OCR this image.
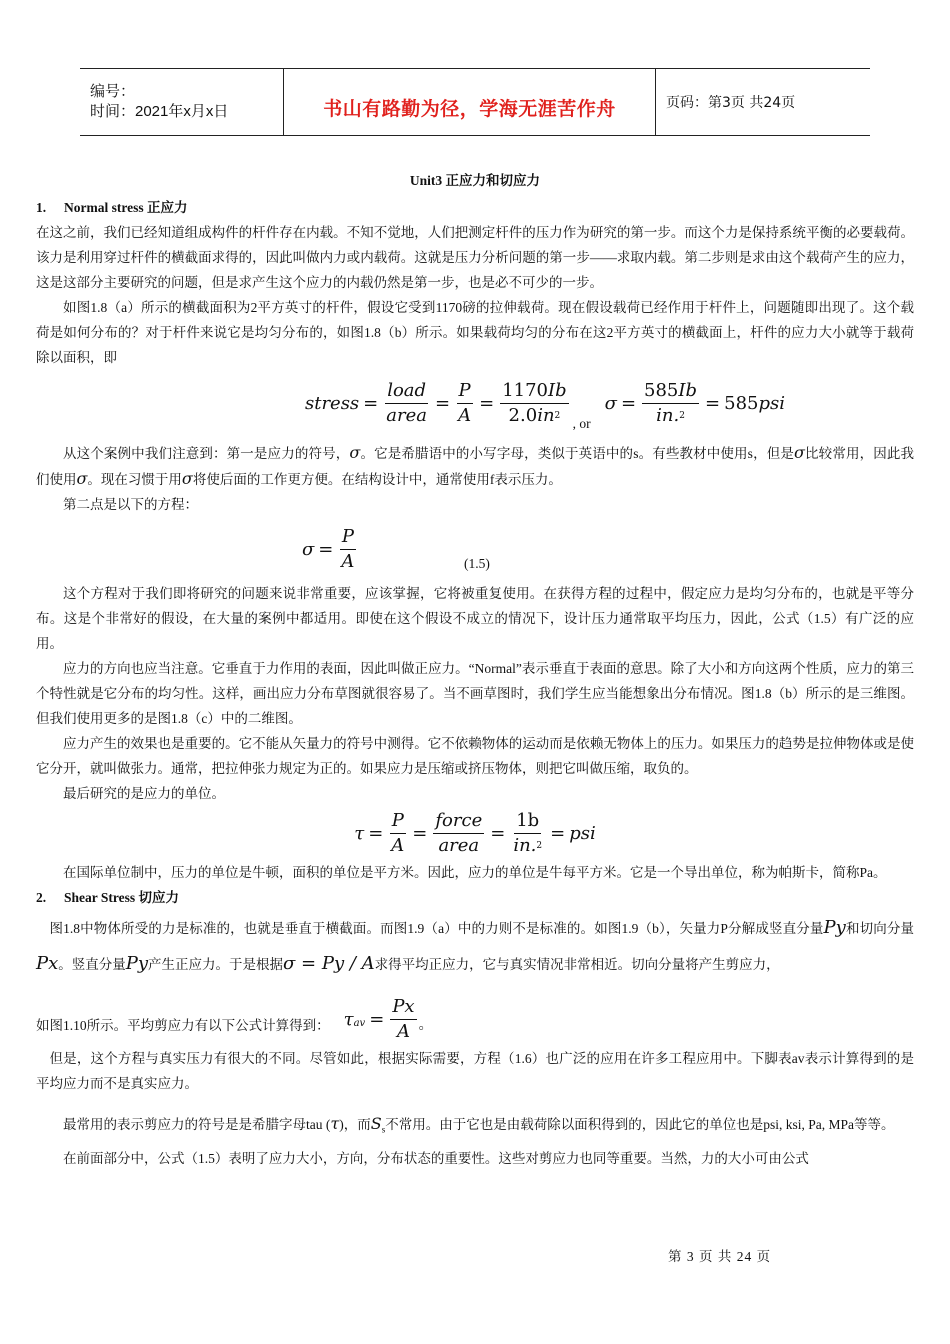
编号：
时间：2021年x月x日	书山有路勤为径，学海无涯苦作舟	页码：第3页 共24页

Unit3 正应力和切应力

1. Normal stress 正应力

在这之前，我们已经知道组成构件的杆件存在内载。不知不觉地，人们把测定杆件的压力作为研究的第一步。而这个力是保持系统平衡的必要载荷。该力是利用穿过杆件的横截面求得的，因此叫做内力或内载荷。这就是压力分析问题的第一步——求取内载。第二步则是求由这个载荷产生的应力，这是这部分主要研究的问题，但是求产生这个应力的内载仍然是第一步，也是必不可少的一步。

如图1.8（a）所示的横截面积为2平方英寸的杆件，假设它受到1170磅的拉伸载荷。现在假设载荷已经作用于杆件上，问题随即出现了。这个载荷是如何分布的？对于杆件来说它是均匀分布的，如图1.8（b）所示。如果载荷均匀的分布在这2平方英寸的横截面上，杆件的应力大小就等于载荷除以面积，即

stress = $\frac{\text{load}}{\text{area}} = \frac{P}{A} = \frac{1170Ib}{2.0in^2}$ , or
$\sigma = \frac{585Ib}{in.^2} = 585$ psi

从这个案例中我们注意到：第一是应力的符号，σ。它是希腊语中的小写字母，类似于英语中的s。有些教材中使用s，但是σ比较常用，因此我们使用σ。现在习惯于用σ将使后面的工作更方便。在结构设计中，通常使用f表示压力。

第二点是以下的方程：

$\sigma = \frac{P}{A}$	(1.5)

这个方程对于我们即将研究的问题来说非常重要，应该掌握，它将被重复使用。在获得方程的过程中，假定应力是均匀分布的，也就是平等分布。这是个非常好的假设，在大量的案例中都适用。即使在这个假设不成立的情况下，设计压力通常取平均压力，因此，公式（1.5）有广泛的应用。

应力的方向也应当注意。它垂直于力作用的表面，因此叫做正应力。“Normal”表示垂直于表面的意思。除了大小和方向这两个性质，应力的第三个特性就是它分布的均匀性。这样，画出应力分布草图就很容易了。当不画草图时，我们学生应当能想象出分布情况。图1.8（b）所示的是三维图。但我们使用更多的是图1.8（c）中的二维图。

应力产生的效果也是重要的。它不能从矢量力的符号中测得。它不依赖物体的运动而是依赖无物体上的压力。如果压力的趋势是拉伸物体或是使它分开，就叫做张力。通常，把拉伸张力规定为正的。如果应力是压缩或挤压物体，则把它叫做压缩，取负的。

最后研究的是应力的单位。

$\tau = \frac{P}{A} = \frac{\text{force}}{\text{area}} = \frac{1b}{in.^2}$ = psi

在国际单位制中，压力的单位是牛顿，面积的单位是平方米。因此，应力的单位是牛每平方米。它是一个导出单位，称为帕斯卡，简称Pa。

2. Shear Stress 切应力

图1.8中物体所受的力是标准的，也就是垂直于横截面。而图1.9（a）中的力则不是标准的。如图1.9（b），矢量力P分解成竖直分量Py和切向分量Px。竖直分量Py产生正应力。于是根据σ = Py / A求得平均正应力，它与真实情况非常相近。切向分量将产生剪应力，

如图1.10所示。平均剪应力有以下公式计算得到： τ av = $\frac{Px}{A}$ 。

但是，这个方程与真实压力有很大的不同。尽管如此，根据实际需要，方程（1.6）也广泛的应用在许多工程应用中。下脚表av表示计算得到的是平均应力而不是真实应力。

最常用的表示剪应力的符号是是希腊字母tau (τ)，而$S_s$不常用。由于它也是由载荷除以面积得到的，因此它的单位也是psi, ksi, Pa, MPa等等。

在前面部分中，公式（1.5）表明了应力大小，方向，分布状态的重要性。这些对剪应力也同等重要。当然，力的大小可由公式

第 3 页 共 24 页
